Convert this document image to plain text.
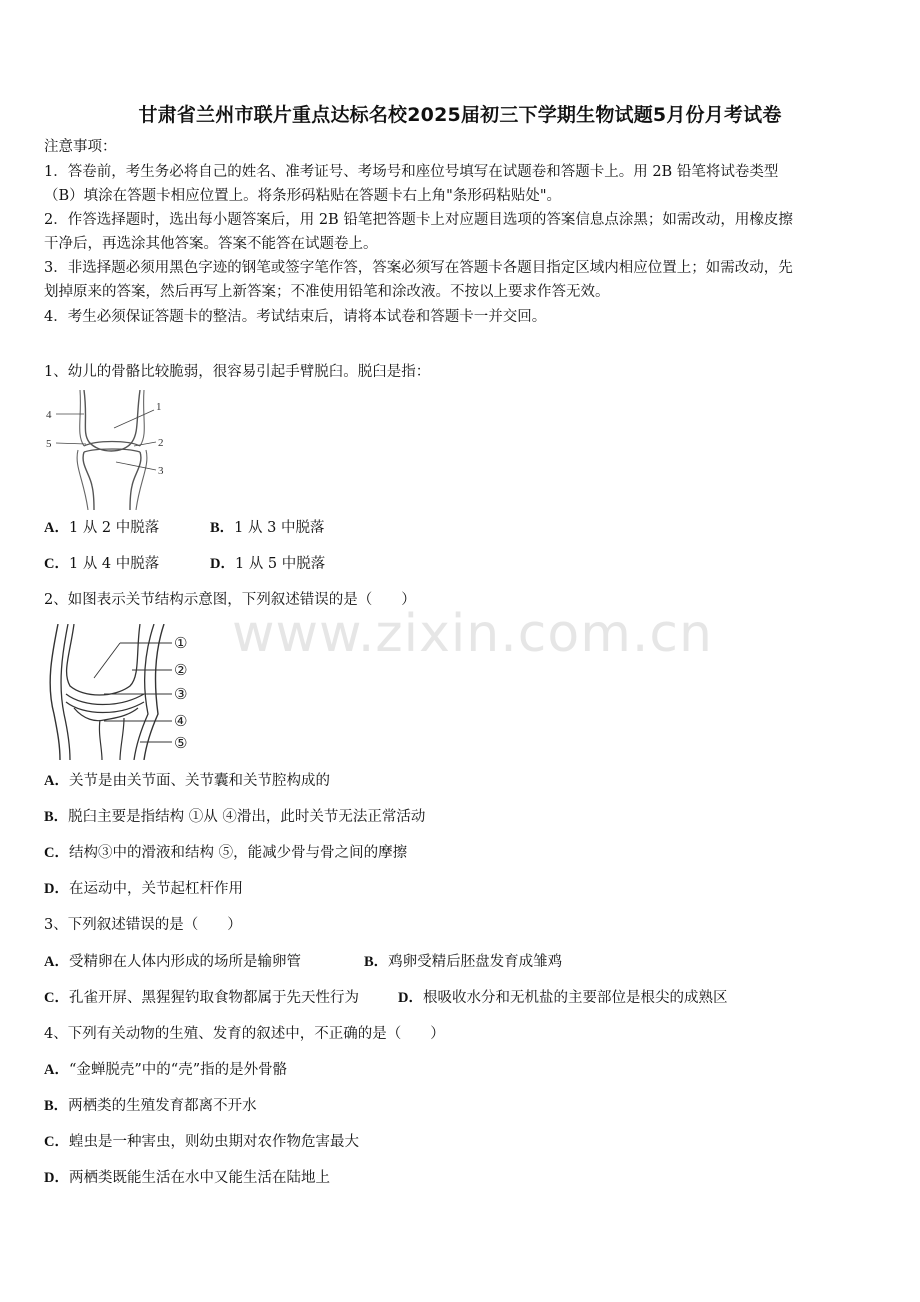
www.zixin.com.cn
甘肃省兰州市联片重点达标名校2025届初三下学期生物试题5月份月考试卷
注意事项：
1．答卷前，考生务必将自己的姓名、准考证号、考场号和座位号填写在试题卷和答题卡上。用 2B 铅笔将试卷类型
（B）填涂在答题卡相应位置上。将条形码粘贴在答题卡右上角"条形码粘贴处"。
2．作答选择题时，选出每小题答案后，用 2B 铅笔把答题卡上对应题目选项的答案信息点涂黑；如需改动，用橡皮擦
干净后，再选涂其他答案。答案不能答在试题卷上。
3．非选择题必须用黑色字迹的钢笔或签字笔作答，答案必须写在答题卡各题目指定区域内相应位置上；如需改动，先
划掉原来的答案，然后再写上新答案；不准使用铅笔和涂改液。不按以上要求作答无效。
4．考生必须保证答题卡的整洁。考试结束后，请将本试卷和答题卡一并交回。
1、幼儿的骨骼比较脆弱，很容易引起手臂脱臼。脱臼是指：
4
1
5	2
3
A．1 从 2 中脱落	B．1 从 3 中脱落
C．1 从 4 中脱落	D．1 从 5 中脱落
2、如图表示关节结构示意图，下列叙述错误的是（　　）
①
②
③
④
⑤
A．关节是由关节面、关节囊和关节腔构成的
B．脱臼主要是指结构 ①从 ④滑出，此时关节无法正常活动
C．结构③中的滑液和结构 ⑤，能减少骨与骨之间的摩擦
D．在运动中，关节起杠杆作用
3、下列叙述错误的是（　　）
A．受精卵在人体内形成的场所是输卵管	B．鸡卵受精后胚盘发育成雏鸡
C．孔雀开屏、黑猩猩钓取食物都属于先天性行为	D．根吸收水分和无机盐的主要部位是根尖的成熟区
4、下列有关动物的生殖、发育的叙述中，不正确的是（　　）
A．“金蝉脱壳”中的“壳”指的是外骨骼
B．两栖类的生殖发育都离不开水
C．蝗虫是一种害虫，则幼虫期对农作物危害最大
D．两栖类既能生活在水中又能生活在陆地上
